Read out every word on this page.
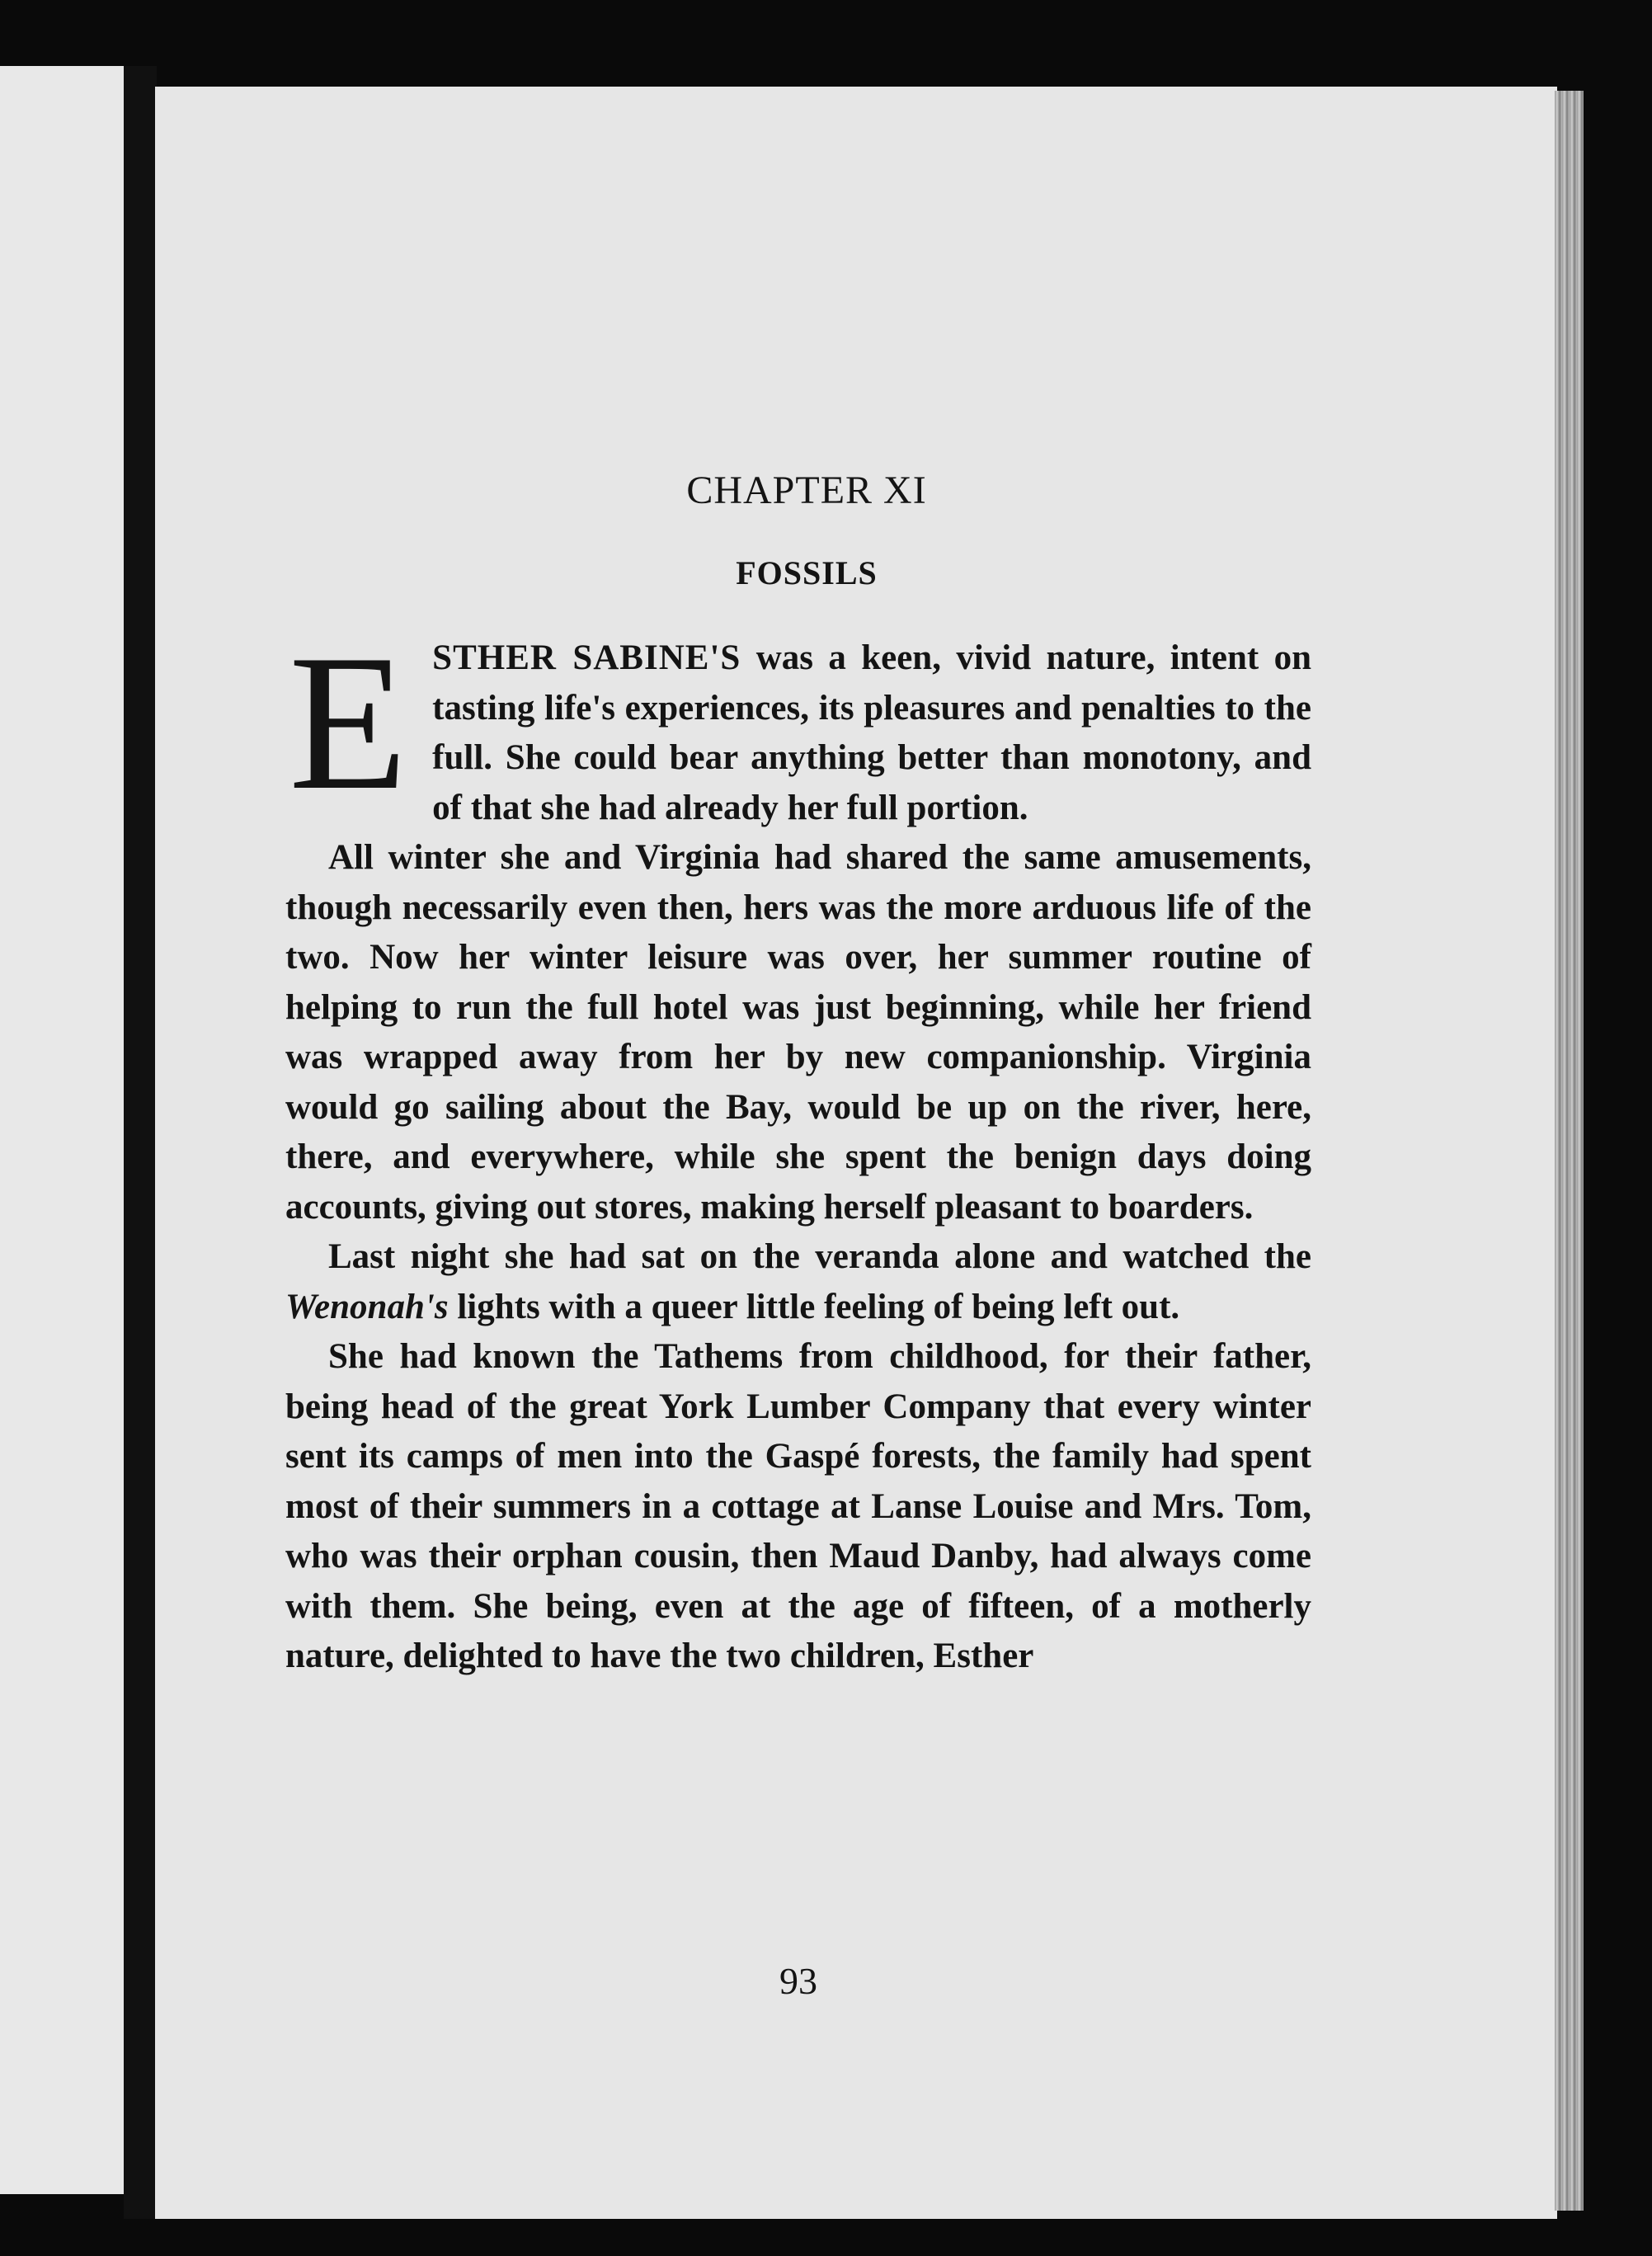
CHAPTER XI
FOSSILS

ESTHER SABINE'S was a keen, vivid nature, intent on tasting life's experiences, its pleasures and penalties to the full. She could bear anything better than monotony, and of that she had already her full portion.

All winter she and Virginia had shared the same amusements, though necessarily even then, hers was the more arduous life of the two. Now her winter leisure was over, her summer routine of helping to run the full hotel was just beginning, while her friend was wrapped away from her by new companionship. Virginia would go sailing about the Bay, would be up on the river, here, there, and everywhere, while she spent the benign days doing accounts, giving out stores, making herself pleasant to boarders.

Last night she had sat on the veranda alone and watched the Wenonah's lights with a queer little feeling of being left out.

She had known the Tathems from childhood, for their father, being head of the great York Lumber Company that every winter sent its camps of men into the Gaspé forests, the family had spent most of their summers in a cottage at Lanse Louise and Mrs. Tom, who was their orphan cousin, then Maud Danby, had always come with them. She being, even at the age of fifteen, of a motherly nature, delighted to have the two children, Esther

93
